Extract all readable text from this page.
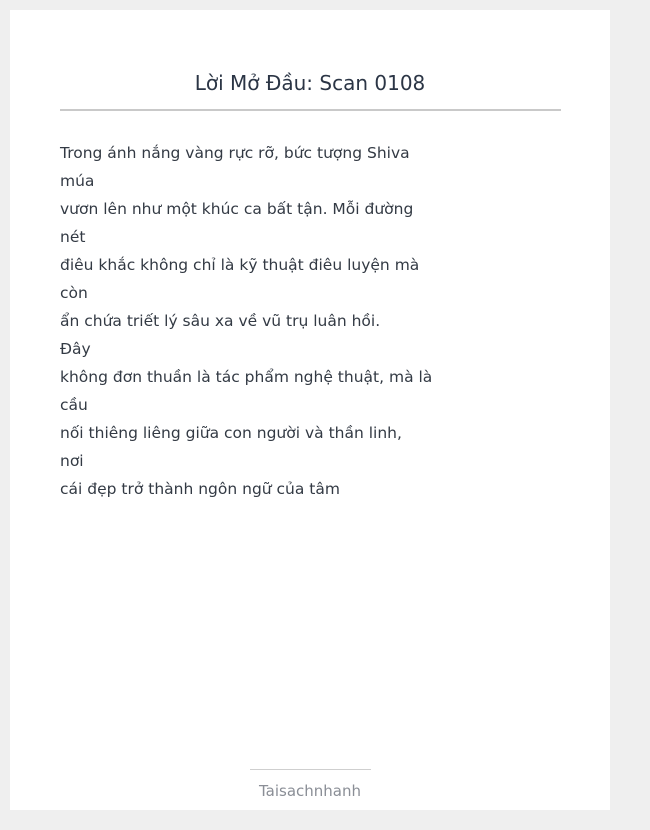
Lời Mở Đầu: Scan 0108
Trong ánh nắng vàng rực rỡ, bức tượng Shiva
múa
vươn lên như một khúc ca bất tận. Mỗi đường
nét
điêu khắc không chỉ là kỹ thuật điêu luyện mà
còn
ẩn chứa triết lý sâu xa về vũ trụ luân hồi.
Đây
không đơn thuần là tác phẩm nghệ thuật, mà là
cầu
nối thiêng liêng giữa con người và thần linh,
nơi
cái đẹp trở thành ngôn ngữ của tâm
Taisachnhanh
